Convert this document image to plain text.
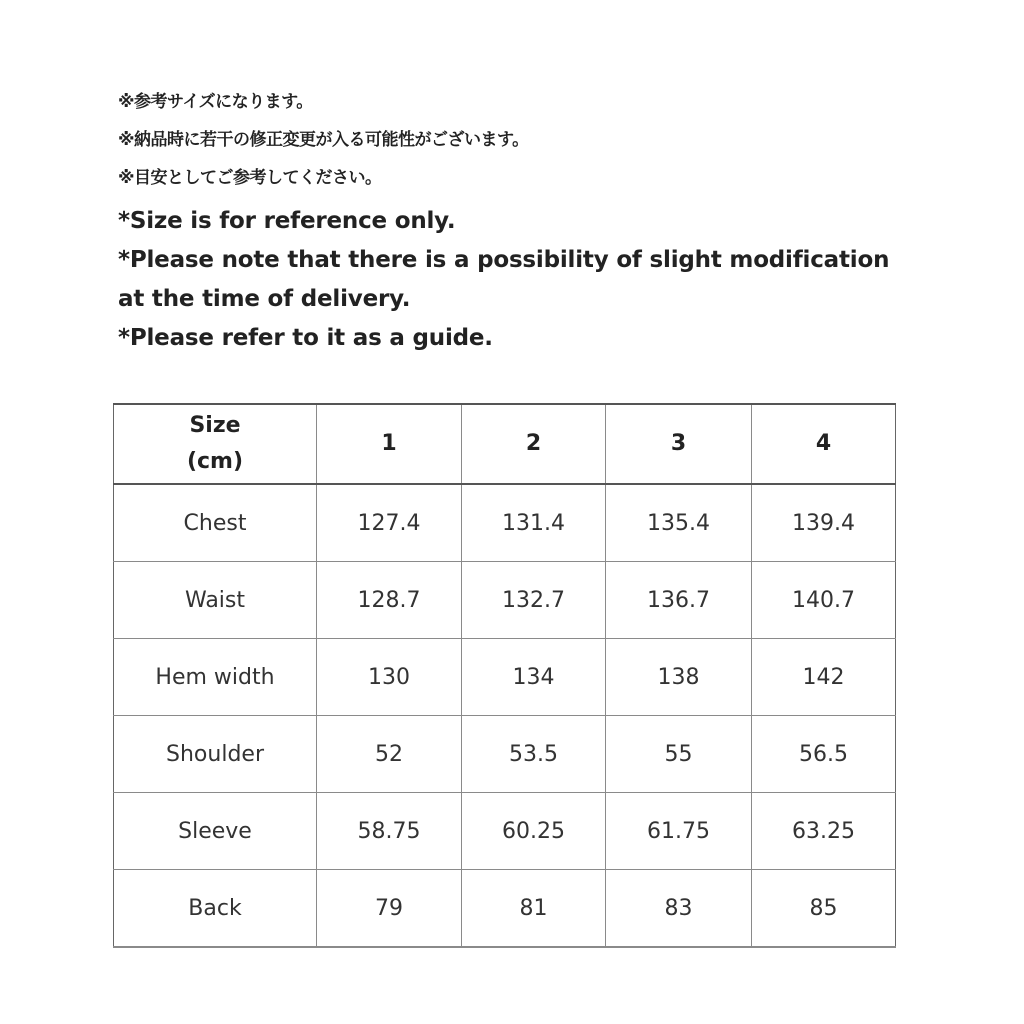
※参考サイズになります。

※納品時に若干の修正変更が入る可能性がございます。

※目安としてご参考してください。

*Size is for reference only.

*Please note that there is a possibility of slight modification at the time of delivery.

*Please refer to it as a guide.

Size
(cm)	1	2	3	4
Chest	127.4	131.4	135.4	139.4
Waist	128.7	132.7	136.7	140.7
Hem width	130	134	138	142
Shoulder	52	53.5	55	56.5
Sleeve	58.75	60.25	61.75	63.25
Back	79	81	83	85
